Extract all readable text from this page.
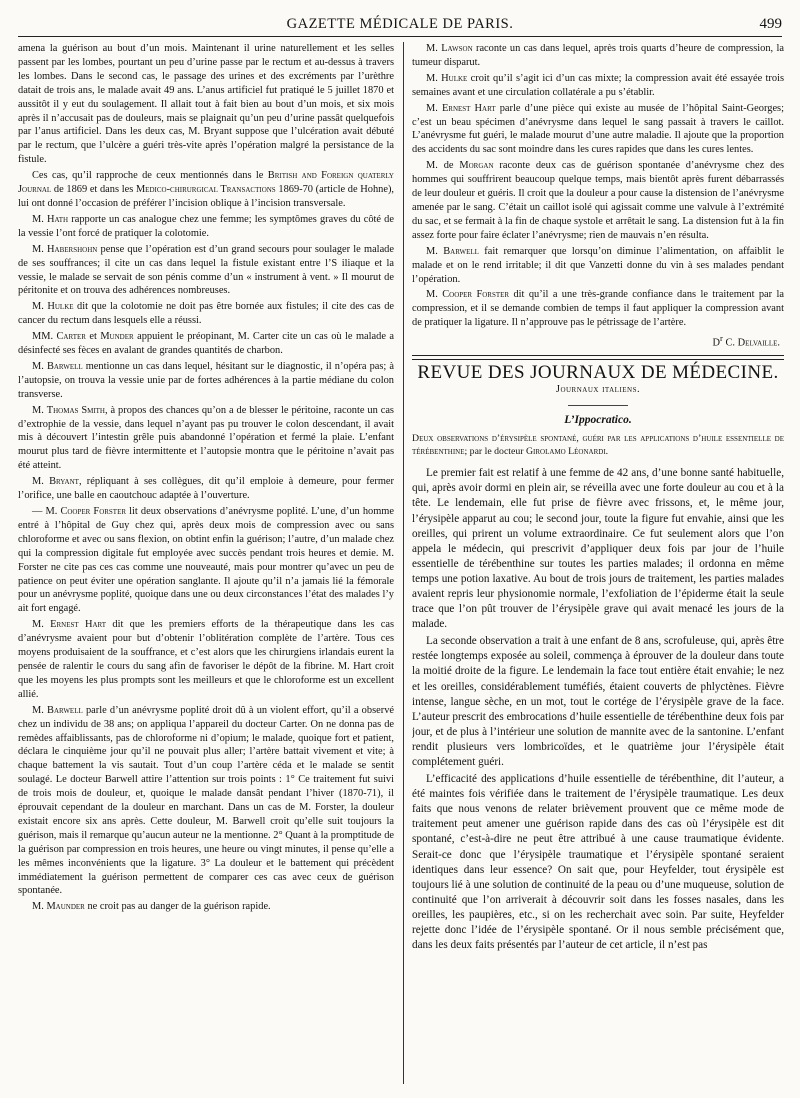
GAZETTE MÉDICALE DE PARIS.	499

amena la guérison au bout d’un mois. Maintenant il urine naturellement et les selles passent par les lombes, pourtant un peu d’urine passe par le rectum et au-dessus à travers les lombes. Dans le second cas, le passage des urines et des excréments par l’urèthre datait de trois ans, le malade avait 49 ans. L’anus artificiel fut pratiqué le 5 juillet 1870 et aussitôt il y eut du soulagement. Il allait tout à fait bien au bout d’un mois, et six mois après il n’accusait pas de douleurs, mais se plaignait qu’un peu d’urine passât quelquefois par l’anus artificiel. Dans les deux cas, M. Bryant suppose que l’ulcération avait débuté par le rectum, que l’ulcère a guéri très-vite après l’opération malgré la persistance de la fistule.

Ces cas, qu’il rapproche de ceux mentionnés dans le British and Foreign quaterly Journal de 1869 et dans les Medico-chirurgical Transactions 1869-70 (article de Hohne), lui ont donné l’occasion de préférer l’incision oblique à l’incision transversale.

M. Hath rapporte un cas analogue chez une femme; les symptômes graves du côté de la vessie l’ont forcé de pratiquer la colotomie.

M. Habershohn pense que l’opération est d’un grand secours pour soulager le malade de ses souffrances; il cite un cas dans lequel la fistule existant entre l’S iliaque et la vessie, le malade se servait de son pénis comme d’un « instrument à vent. » Il mourut de péritonite et on trouva des adhérences nombreuses.

M. Hulke dit que la colotomie ne doit pas être bornée aux fistules; il cite des cas de cancer du rectum dans lesquels elle a réussi.

MM. Carter et Munder appuient le préopinant, M. Carter cite un cas où le malade a désinfecté ses fèces en avalant de grandes quantités de charbon.

M. Barwell mentionne un cas dans lequel, hésitant sur le diagnostic, il n’opéra pas; à l’autopsie, on trouva la vessie unie par de fortes adhérences à la partie médiane du colon transverse.

M. Thomas Smith, à propos des chances qu’on a de blesser le péritoine, raconte un cas d’extrophie de la vessie, dans lequel n’ayant pas pu trouver le colon descendant, il avait mis à découvert l’intestin grêle puis abandonné l’opération et fermé la plaie. L’enfant mourut plus tard de fièvre intermittente et l’autopsie montra que le péritoine n’avait pas été atteint.

M. Bryant, répliquant à ses collègues, dit qu’il emploie à demeure, pour fermer l’orifice, une balle en caoutchouc adaptée à l’ouverture.

— M. Cooper Forster lit deux observations d’anévrysme poplité. L’une, d’un homme entré à l’hôpital de Guy chez qui, après deux mois de compression avec ou sans chloroforme et avec ou sans flexion, on obtint enfin la guérison; l’autre, d’un malade chez qui la compression digitale fut employée avec succès pendant trois heures et demie. M. Forster ne cite pas ces cas comme une nouveauté, mais pour montrer qu’avec un peu de patience on peut éviter une opération sanglante. Il ajoute qu’il n’a jamais lié la fémorale pour un anévrysme poplité, quoique dans une ou deux circonstances l’état des malades l’y ait fort engagé.

M. Ernest Hart dit que les premiers efforts de la thérapeutique dans les cas d’anévrysme avaient pour but d’obtenir l’oblitération complète de l’artère. Tous ces moyens produisaient de la souffrance, et c’est alors que les chirurgiens irlandais eurent la pensée de ralentir le cours du sang afin de favoriser le dépôt de la fibrine. M. Hart croit que les moyens les plus prompts sont les meilleurs et que le chloroforme est un excellent allié.

M. Barwell parle d’un anévrysme poplité droit dû à un violent effort, qu’il a observé chez un individu de 38 ans; on appliqua l’appareil du docteur Carter. On ne donna pas de remèdes affaiblissants, pas de chloroforme ni d’opium; le malade, quoique fort et patient, déclara le cinquième jour qu’il ne pouvait plus aller; l’artère battait vivement et vite; à chaque battement la vis sautait. Tout d’un coup l’artère céda et le malade se sentit soulagé. Le docteur Barwell attire l’attention sur trois points : 1° Ce traitement fut suivi de trois mois de douleur, et, quoique le malade dansât pendant l’hiver (1870-71), il éprouvait cependant de la douleur en marchant. Dans un cas de M. Forster, la douleur existait encore six ans après. Cette douleur, M. Barwell croit qu’elle suit toujours la guérison, mais il remarque qu’aucun auteur ne la mentionne. 2° Quant à la promptitude de la guérison par compression en trois heures, une heure ou vingt minutes, il pense qu’elle a les mêmes inconvénients que la ligature. 3° La douleur et le battement qui précèdent immédiatement la guérison permettent de comparer ces cas avec ceux de guérison spontanée.

M. Maunder ne croit pas au danger de la guérison rapide.

M. Lawson raconte un cas dans lequel, après trois quarts d’heure de compression, la tumeur disparut.

M. Hulke croit qu’il s’agit ici d’un cas mixte; la compression avait été essayée trois semaines avant et une circulation collatérale a pu s’établir.

M. Ernest Hart parle d’une pièce qui existe au musée de l’hôpital Saint-Georges; c’est un beau spécimen d’anévrysme dans lequel le sang passait à travers le caillot. L’anévrysme fut guéri, le malade mourut d’une autre maladie. Il ajoute que la proportion des accidents du sac sont moindre dans les cures rapides que dans les cures lentes.

M. de Morgan raconte deux cas de guérison spontanée d’anévrysme chez des hommes qui souffrirent beaucoup quelque temps, mais bientôt après furent débarrassés de leur douleur et guéris. Il croit que la douleur a pour cause la distension de l’anévrysme amenée par le sang. C’était un caillot isolé qui agissait comme une valvule à l’extrémité du sac, et se fermait à la fin de chaque systole et arrêtait le sang. La distension fut à la fin assez forte pour faire éclater l’anévrysme; rien de mauvais n’en résulta.

M. Barwell fait remarquer que lorsqu’on diminue l’alimentation, on affaiblit le malade et on le rend irritable; il dit que Vanzetti donne du vin à ses malades pendant l’opération.

M. Cooper Forster dit qu’il a une très-grande confiance dans le traitement par la compression, et il se demande combien de temps il faut appliquer la compression avant de pratiquer la ligature. Il n’approuve pas le pétrissage de l’artère.

$D^r$ C. Delvaille.
REVUE DES JOURNAUX DE MÉDECINE.
Journaux italiens.
L’Ippocratico.
Deux observations d’érysipèle spontané, guéri par les applications d’huile essentielle de térébenthine; par le docteur Girolamo Léonardi.

Le premier fait est relatif à une femme de 42 ans, d’une bonne santé habituelle, qui, après avoir dormi en plein air, se réveilla avec une forte douleur au cou et à la tête. Le lendemain, elle fut prise de fièvre avec frissons, et, le même jour, l’érysipèle apparut au cou; le second jour, toute la figure fut envahie, ainsi que les oreilles, qui prirent un volume extraordinaire. Ce fut seulement alors que l’on appela le médecin, qui prescrivit d’appliquer deux fois par jour de l’huile essentielle de térébenthine sur toutes les parties malades; il ordonna en même temps une potion laxative. Au bout de trois jours de traitement, les parties malades avaient repris leur physionomie normale, l’exfoliation de l’épiderme était la seule trace que l’on pût trouver de l’érysipèle grave qui avait menacé les jours de la malade.

La seconde observation a trait à une enfant de 8 ans, scrofuleuse, qui, après être restée longtemps exposée au soleil, commença à éprouver de la douleur dans toute la moitié droite de la figure. Le lendemain la face tout entière était envahie; le nez et les oreilles, considérablement tuméfiés, étaient couverts de phlyctènes. Fièvre intense, langue sèche, en un mot, tout le cortége de l’érysipèle grave de la face. L’auteur prescrit des embrocations d’huile essentielle de térébenthine deux fois par jour, et de plus à l’intérieur une solution de mannite avec de la santonine. L’enfant rendit plusieurs vers lombricoïdes, et le quatrième jour l’érysipèle était complétement guéri.

L’efficacité des applications d’huile essentielle de térébenthine, dit l’auteur, a été maintes fois vérifiée dans le traitement de l’érysipèle traumatique. Les deux faits que nous venons de relater brièvement prouvent que ce même mode de traitement peut amener une guérison rapide dans des cas où l’érysipèle est dit spontané, c’est-à-dire ne peut être attribué à une cause traumatique évidente. Serait-ce donc que l’érysipèle traumatique et l’érysipèle spontané seraient identiques dans leur essence? On sait que, pour Heyfelder, tout érysipèle est toujours lié à une solution de continuité de la peau ou d’une muqueuse, solution de continuité que l’on arriverait à découvrir soit dans les fosses nasales, dans les oreilles, les paupières, etc., si on les recherchait avec soin. Par suite, Heyfelder rejette donc l’idée de l’érysipèle spontané. Or il nous semble précisément que, dans les deux faits présentés par l’auteur de cet article, il n’est pas
